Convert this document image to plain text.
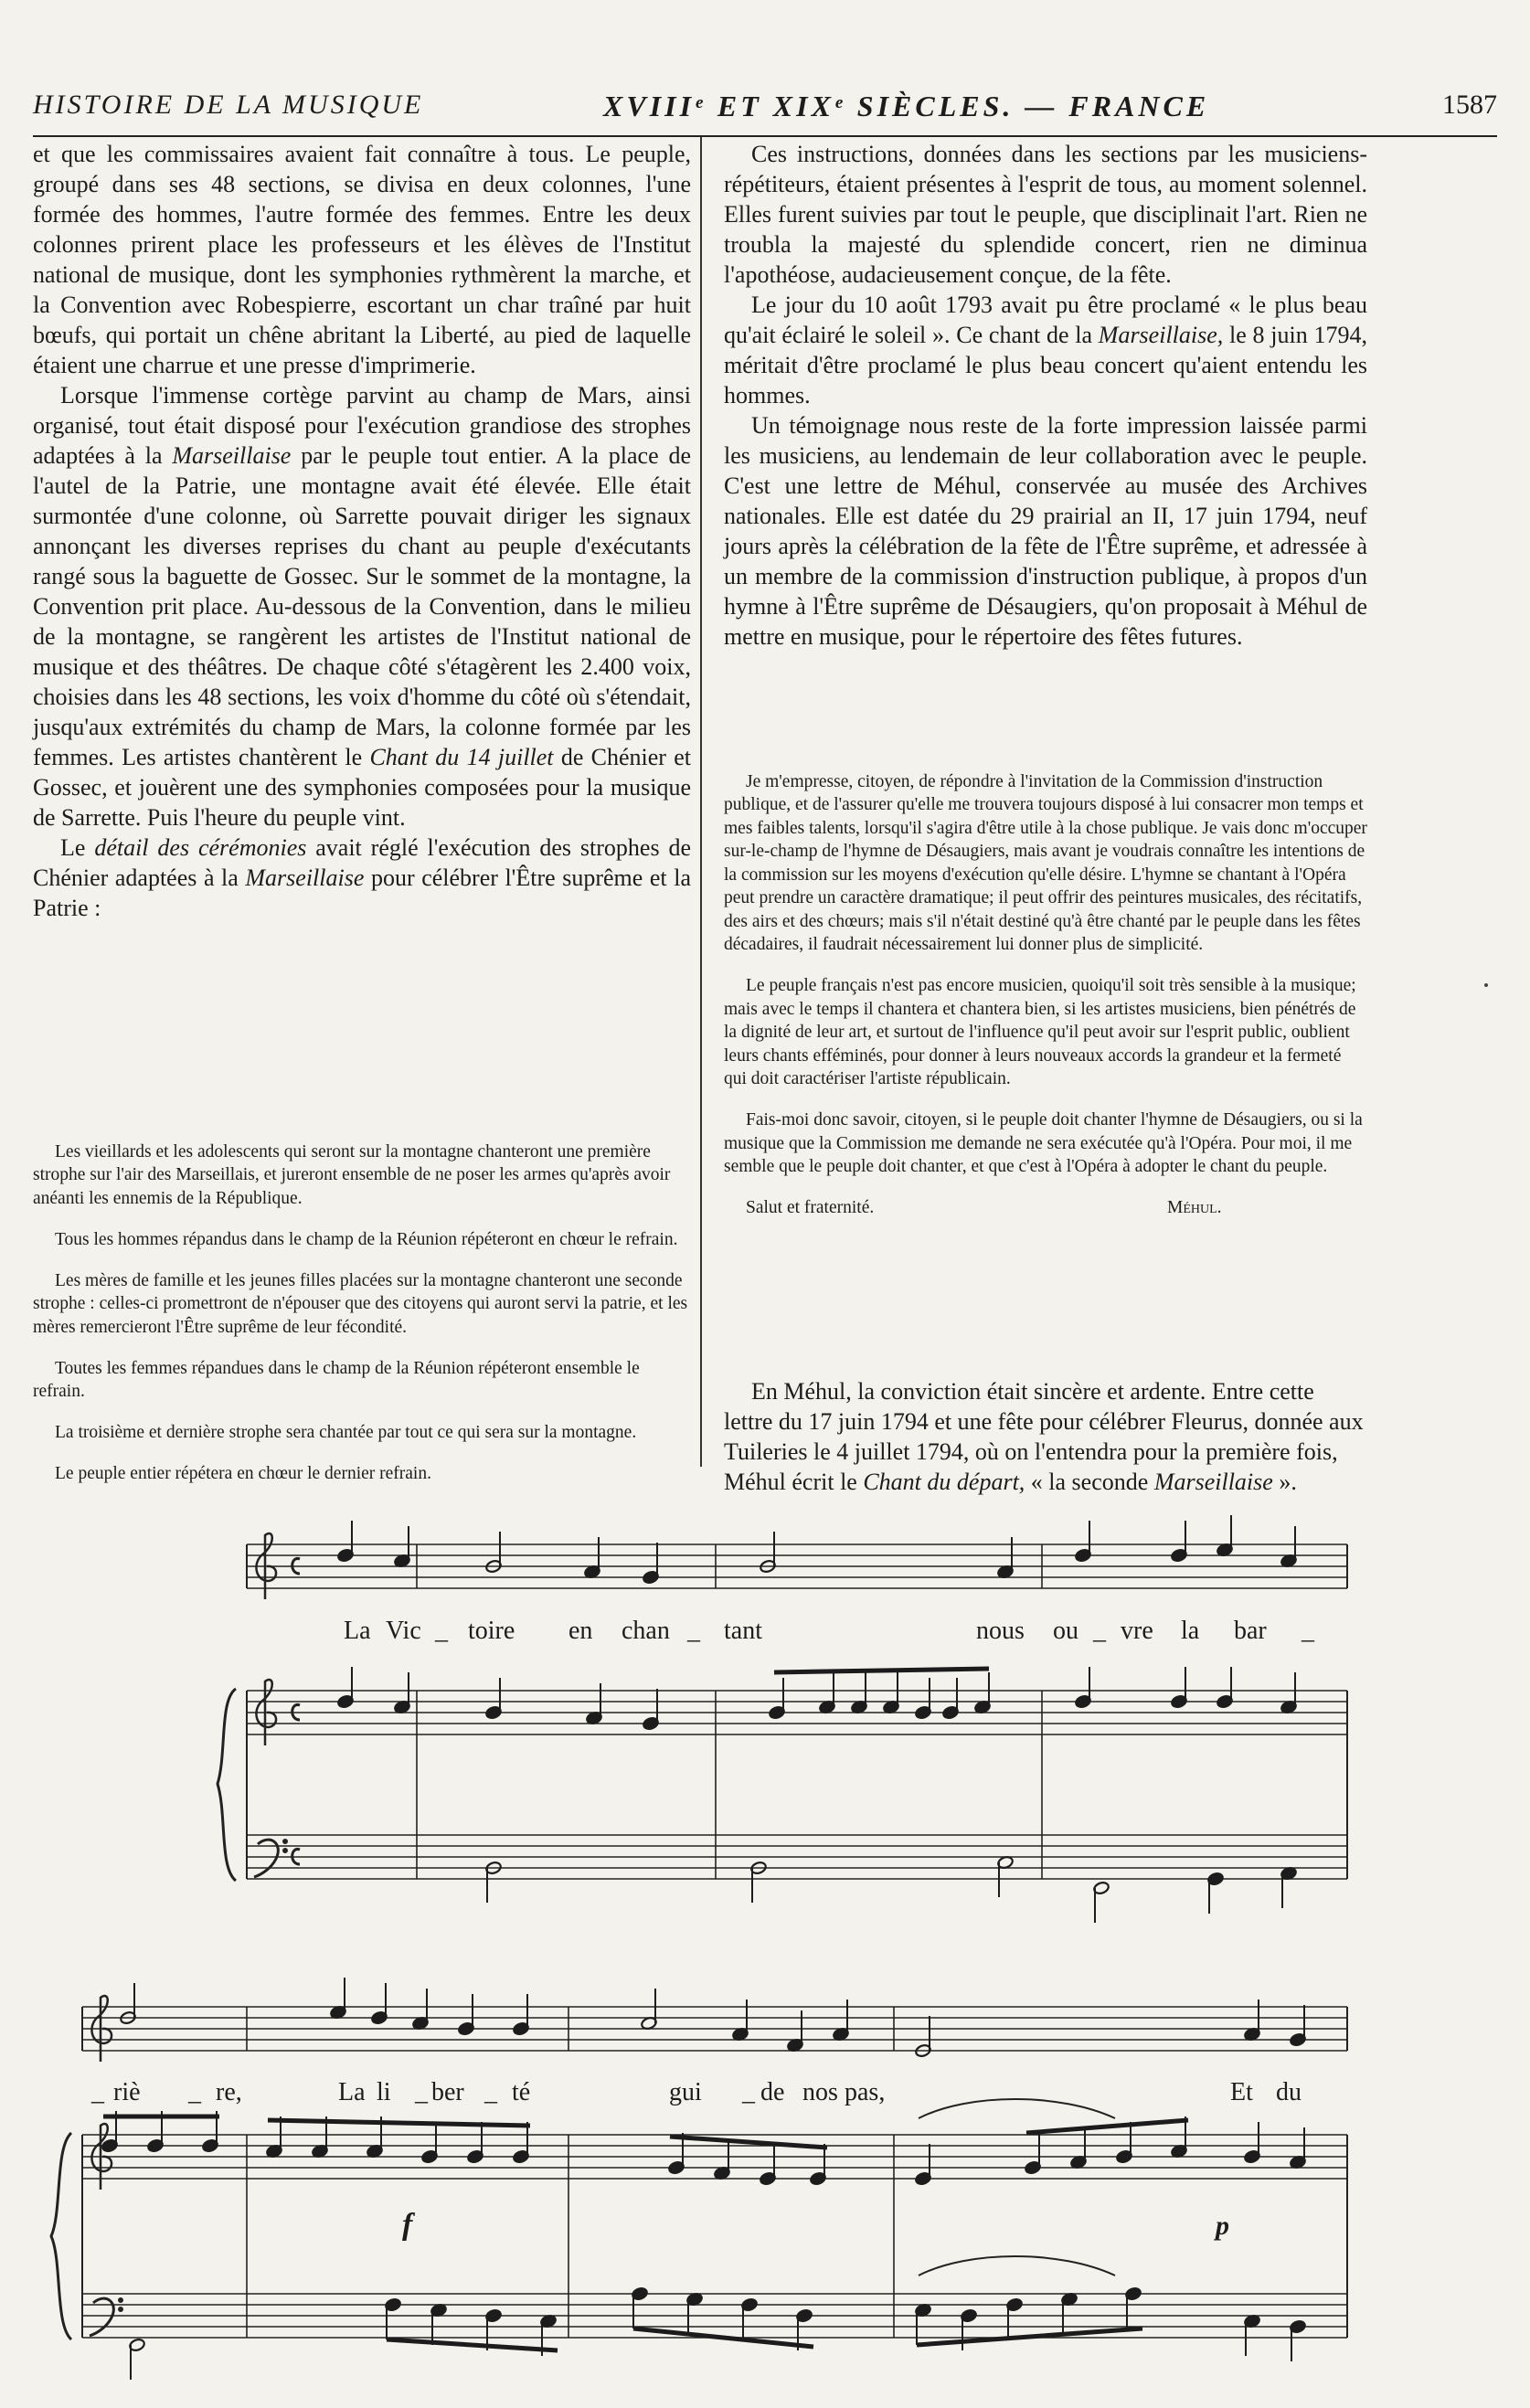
HISTOIRE DE LA MUSIQUE	XVIIIᵉ ET XIXᵉ SIÈCLES. — FRANCE	1587

et que les commissaires avaient fait connaître à tous. Le peuple, groupé dans ses 48 sections, se divisa en deux colonnes, l'une formée des hommes, l'autre formée des femmes. Entre les deux colonnes prirent place les professeurs et les élèves de l'Institut national de musique, dont les symphonies rythmèrent la marche, et la Convention avec Robespierre, escortant un char traîné par huit bœufs, qui portait un chêne abritant la Liberté, au pied de laquelle étaient une charrue et une presse d'imprimerie.

Lorsque l'immense cortège parvint au champ de Mars, ainsi organisé, tout était disposé pour l'exécution grandiose des strophes adaptées à la Marseillaise par le peuple tout entier. A la place de l'autel de la Patrie, une montagne avait été élevée. Elle était surmontée d'une colonne, où Sarrette pouvait diriger les signaux annonçant les diverses reprises du chant au peuple d'exécutants rangé sous la baguette de Gossec. Sur le sommet de la montagne, la Convention prit place. Au-dessous de la Convention, dans le milieu de la montagne, se rangèrent les artistes de l'Institut national de musique et des théâtres. De chaque côté s'étagèrent les 2.400 voix, choisies dans les 48 sections, les voix d'homme du côté où s'étendait, jusqu'aux extrémités du champ de Mars, la colonne formée par les femmes. Les artistes chantèrent le Chant du 14 juillet de Chénier et Gossec, et jouèrent une des symphonies composées pour la musique de Sarrette. Puis l'heure du peuple vint.

Le détail des cérémonies avait réglé l'exécution des strophes de Chénier adaptées à la Marseillaise pour célébrer l'Être suprême et la Patrie :

Les vieillards et les adolescents qui seront sur la montagne chanteront une première strophe sur l'air des Marseillais, et jureront ensemble de ne poser les armes qu'après avoir anéanti les ennemis de la République.

Tous les hommes répandus dans le champ de la Réunion répéteront en chœur le refrain.

Les mères de famille et les jeunes filles placées sur la montagne chanteront une seconde strophe : celles-ci promettront de n'épouser que des citoyens qui auront servi la patrie, et les mères remercieront l'Être suprême de leur fécondité.

Toutes les femmes répandues dans le champ de la Réunion répéteront ensemble le refrain.

La troisième et dernière strophe sera chantée par tout ce qui sera sur la montagne.

Le peuple entier répétera en chœur le dernier refrain.

Ces instructions, données dans les sections par les musiciens-répétiteurs, étaient présentes à l'esprit de tous, au moment solennel. Elles furent suivies par tout le peuple, que disciplinait l'art. Rien ne troubla la majesté du splendide concert, rien ne diminua l'apothéose, audacieusement conçue, de la fête.

Le jour du 10 août 1793 avait pu être proclamé « le plus beau qu'ait éclairé le soleil ». Ce chant de la Marseillaise, le 8 juin 1794, méritait d'être proclamé le plus beau concert qu'aient entendu les hommes.

Un témoignage nous reste de la forte impression laissée parmi les musiciens, au lendemain de leur collaboration avec le peuple. C'est une lettre de Méhul, conservée au musée des Archives nationales. Elle est datée du 29 prairial an II, 17 juin 1794, neuf jours après la célébration de la fête de l'Être suprême, et adressée à un membre de la commission d'instruction publique, à propos d'un hymne à l'Être suprême de Désaugiers, qu'on proposait à Méhul de mettre en musique, pour le répertoire des fêtes futures.

Je m'empresse, citoyen, de répondre à l'invitation de la Commission d'instruction publique, et de l'assurer qu'elle me trouvera toujours disposé à lui consacrer mon temps et mes faibles talents, lorsqu'il s'agira d'être utile à la chose publique. Je vais donc m'occuper sur-le-champ de l'hymne de Désaugiers, mais avant je voudrais connaître les intentions de la commission sur les moyens d'exécution qu'elle désire. L'hymne se chantant à l'Opéra peut prendre un caractère dramatique; il peut offrir des peintures musicales, des récitatifs, des airs et des chœurs; mais s'il n'était destiné qu'à être chanté par le peuple dans les fêtes décadaires, il faudrait nécessairement lui donner plus de simplicité.

Le peuple français n'est pas encore musicien, quoiqu'il soit très sensible à la musique; mais avec le temps il chantera et chantera bien, si les artistes musiciens, bien pénétrés de la dignité de leur art, et surtout de l'influence qu'il peut avoir sur l'esprit public, oublient leurs chants efféminés, pour donner à leurs nouveaux accords la grandeur et la fermeté qui doit caractériser l'artiste républicain.

Fais-moi donc savoir, citoyen, si le peuple doit chanter l'hymne de Désaugiers, ou si la musique que la Commission me demande ne sera exécutée qu'à l'Opéra. Pour moi, il me semble que le peuple doit chanter, et que c'est à l'Opéra à adopter le chant du peuple.

Salut et fraternité.	Méhul.

En Méhul, la conviction était sincère et ardente. Entre cette lettre du 17 juin 1794 et une fête pour célébrer Fleurus, donnée aux Tuileries le 4 juillet 1794, où on l'entendra pour la première fois, Méhul écrit le Chant du départ, « la seconde Marseillaise ».

La Vic _ toire en chan _ tant	nous ou _ vre la bar _
_ riè _ re,	La li _ ber _ té	gui _ de nos pas,	Et du
f	p
